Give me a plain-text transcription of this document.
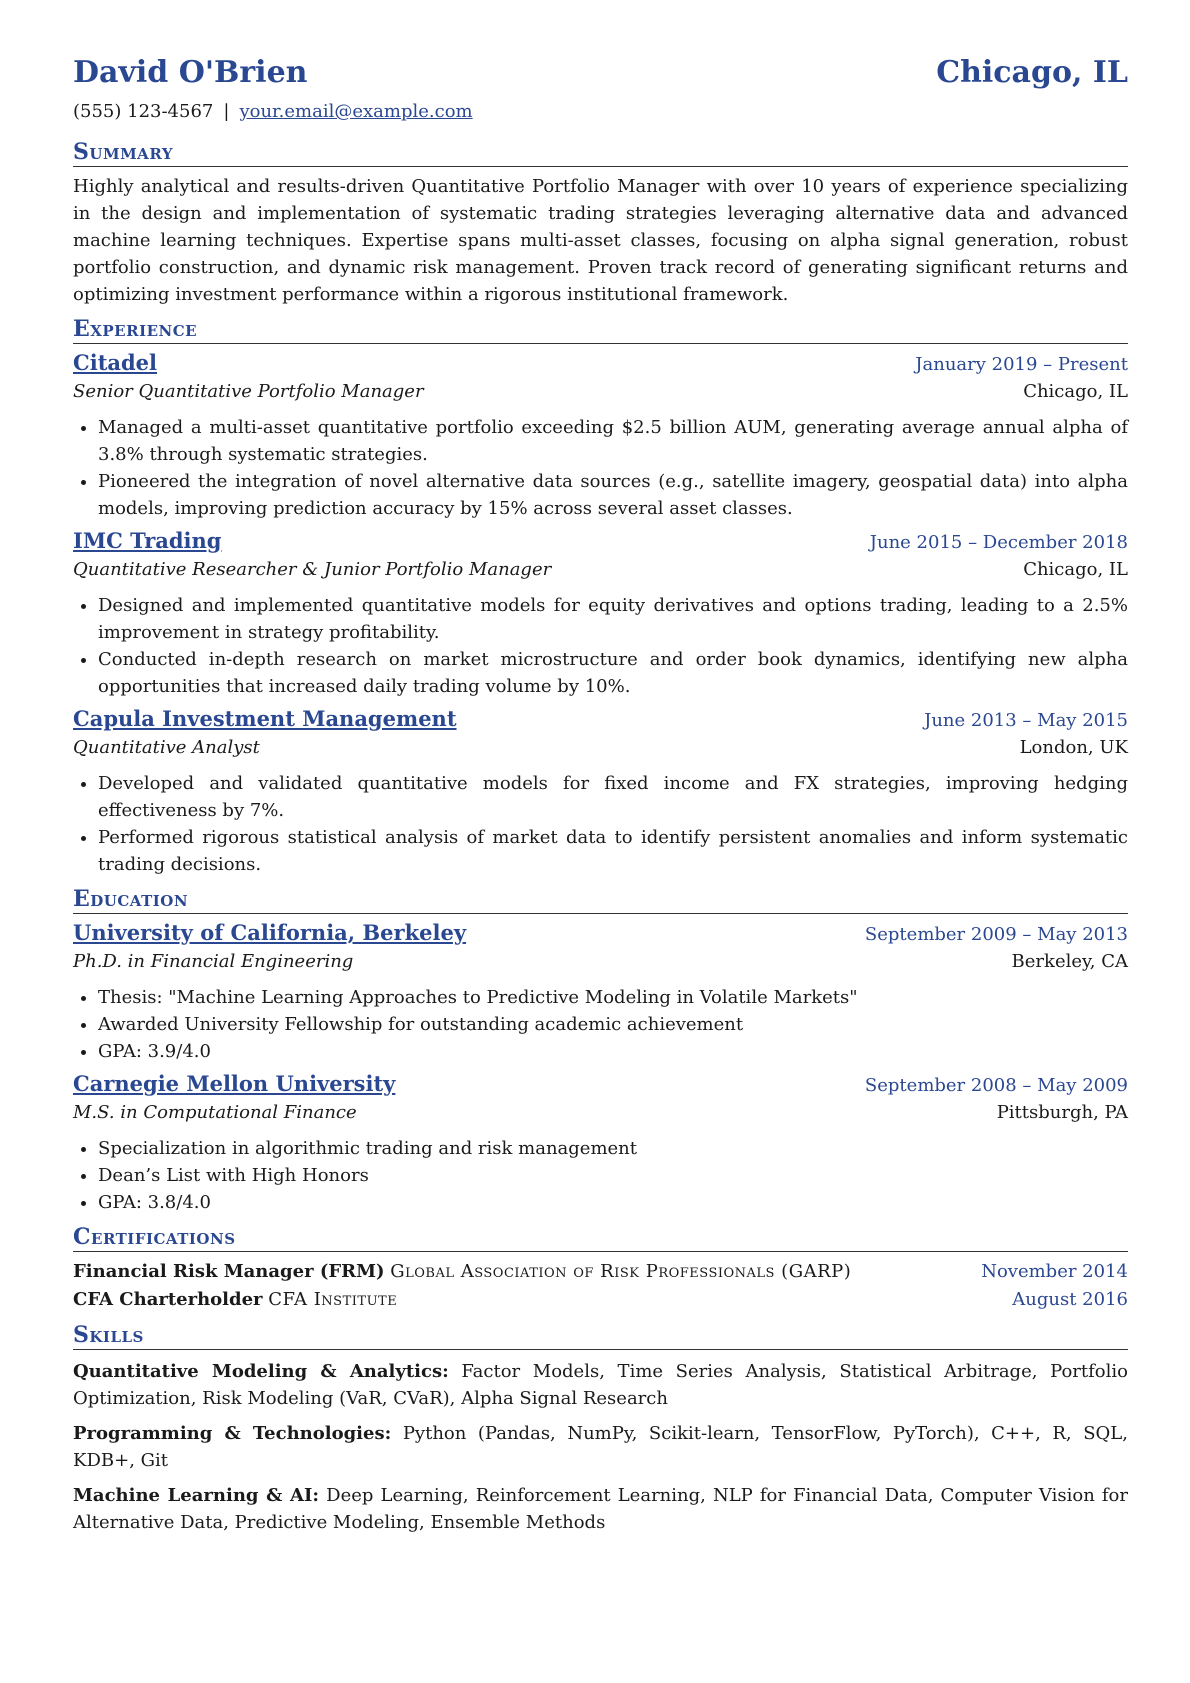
David O'Brien	Chicago, IL
(555) 123-4567 | your.email@example.com
Summary
Highly analytical and results-driven Quantitative Portfolio Manager with over 10 years of experience specializing in the design and implementation of systematic trading strategies leveraging alternative data and advanced machine learning techniques. Expertise spans multi-asset classes, focusing on alpha signal generation, robust portfolio construction, and dynamic risk management. Proven track record of generating significant returns and optimizing investment performance within a rigorous institutional framework.
Experience
Citadel	January 2019 – Present
Senior Quantitative Portfolio Manager	Chicago, IL
• Managed a multi-asset quantitative portfolio exceeding $2.5 billion AUM, generating average annual alpha of 3.8% through systematic strategies.
• Pioneered the integration of novel alternative data sources (e.g., satellite imagery, geospatial data) into alpha models, improving prediction accuracy by 15% across several asset classes.
IMC Trading	June 2015 – December 2018
Quantitative Researcher & Junior Portfolio Manager	Chicago, IL
• Designed and implemented quantitative models for equity derivatives and options trading, leading to a 2.5% improvement in strategy profitability.
• Conducted in-depth research on market microstructure and order book dynamics, identifying new alpha opportunities that increased daily trading volume by 10%.
Capula Investment Management	June 2013 – May 2015
Quantitative Analyst	London, UK
• Developed and validated quantitative models for fixed income and FX strategies, improving hedging effectiveness by 7%.
• Performed rigorous statistical analysis of market data to identify persistent anomalies and inform systematic trading decisions.
Education
University of California, Berkeley	September 2009 – May 2013
Ph.D. in Financial Engineering	Berkeley, CA
• Thesis: "Machine Learning Approaches to Predictive Modeling in Volatile Markets"
• Awarded University Fellowship for outstanding academic achievement
• GPA: 3.9/4.0
Carnegie Mellon University	September 2008 – May 2009
M.S. in Computational Finance	Pittsburgh, PA
• Specialization in algorithmic trading and risk management
• Dean’s List with High Honors
• GPA: 3.8/4.0
Certifications
Financial Risk Manager (FRM) Global Association of Risk Professionals (GARP)	November 2014
CFA Charterholder CFA Institute	August 2016
Skills
Quantitative Modeling & Analytics: Factor Models, Time Series Analysis, Statistical Arbitrage, Portfolio Optimization, Risk Modeling (VaR, CVaR), Alpha Signal Research
Programming & Technologies: Python (Pandas, NumPy, Scikit-learn, TensorFlow, PyTorch), C++, R, SQL, KDB+, Git
Machine Learning & AI: Deep Learning, Reinforcement Learning, NLP for Financial Data, Computer Vision for Alternative Data, Predictive Modeling, Ensemble Methods
